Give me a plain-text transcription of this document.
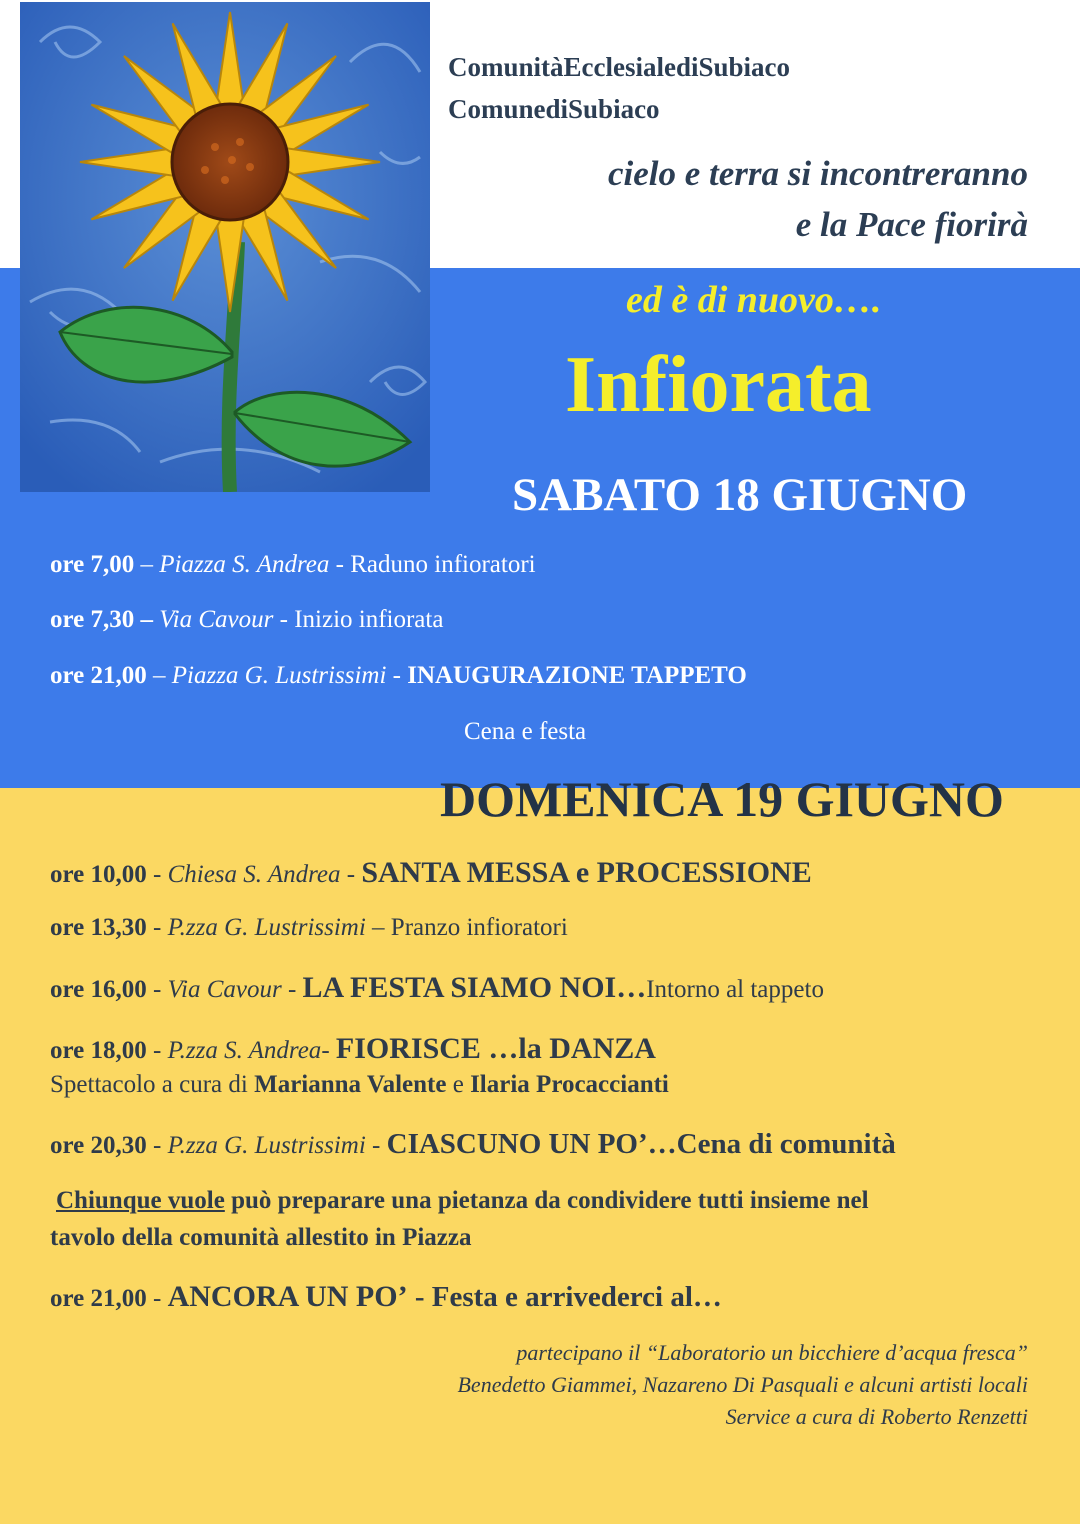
ComunitàEcclesialediSubiaco
ComunediSubiaco
cielo e terra si incontreranno
e la Pace fiorirà
ed è di nuovo….
Infiorata
SABATO 18 GIUGNO
ore 7,00 – Piazza S. Andrea - Raduno infioratori
ore 7,30 – Via Cavour - Inizio infiorata
ore 21,00 – Piazza G. Lustrissimi - INAUGURAZIONE TAPPETO
Cena e festa
DOMENICA 19 GIUGNO
ore 10,00 - Chiesa S. Andrea - SANTA MESSA e PROCESSIONE
ore 13,30 - P.zza G. Lustrissimi – Pranzo infioratori
ore 16,00 - Via Cavour - LA FESTA SIAMO NOI…Intorno al tappeto
ore 18,00 - P.zza S. Andrea- FIORISCE …la DANZA
Spettacolo a cura di Marianna Valente e Ilaria Procaccianti
ore 20,30 - P.zza G. Lustrissimi - CIASCUNO UN PO’…Cena di comunità
Chiunque vuole può preparare una pietanza da condividere tutti insieme nel
tavolo della comunità allestito in Piazza
ore 21,00 - ANCORA UN PO’ - Festa e arrivederci al…
partecipano il “Laboratorio un bicchiere d’acqua fresca”
Benedetto Giammei, Nazareno Di Pasquali e alcuni artisti locali
Service a cura di Roberto Renzetti
